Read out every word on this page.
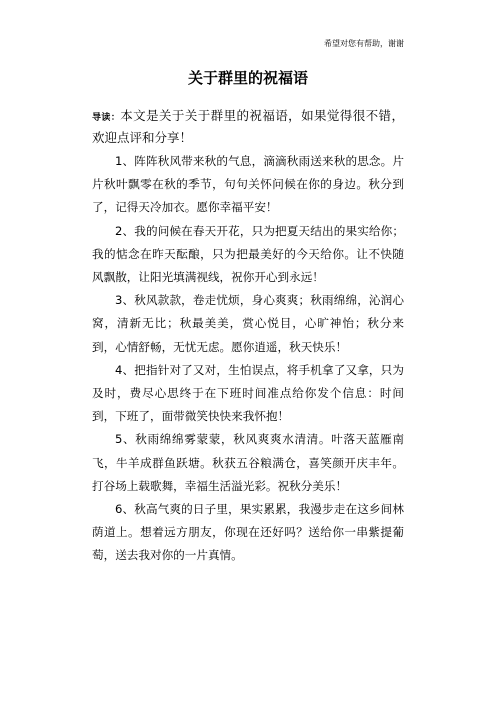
希望对您有帮助，谢谢
关于群里的祝福语
导读：本文是关于关于群里的祝福语，如果觉得很不错，欢迎点评和分享！

1、阵阵秋风带来秋的气息，滴滴秋雨送来秋的思念。片片秋叶飘零在秋的季节，句句关怀问候在你的身边。秋分到了，记得天冷加衣。愿你幸福平安！

2、我的问候在春天开花，只为把夏天结出的果实给你；我的惦念在昨天酝酿，只为把最美好的今天给你。让不快随风飘散，让阳光填满视线，祝你开心到永远！

3、秋风款款，卷走忧烦，身心爽爽；秋雨绵绵，沁润心窝，清新无比；秋最美美，赏心悦目，心旷神怡；秋分来到，心情舒畅，无忧无虑。愿你逍遥，秋天快乐！

4、把指针对了又对，生怕误点，将手机拿了又拿，只为及时，费尽心思终于在下班时间准点给你发个信息：时间到，下班了，面带微笑快快来我怀抱！

5、秋雨绵绵雾蒙蒙，秋风爽爽水清清。叶落天蓝雁南飞，牛羊成群鱼跃塘。秋获五谷粮满仓，喜笑颜开庆丰年。打谷场上载歌舞，幸福生活溢光彩。祝秋分美乐！

6、秋高气爽的日子里，果实累累，我漫步走在这乡间林荫道上。想着远方朋友，你现在还好吗？送给你一串紫提葡萄，送去我对你的一片真情。
